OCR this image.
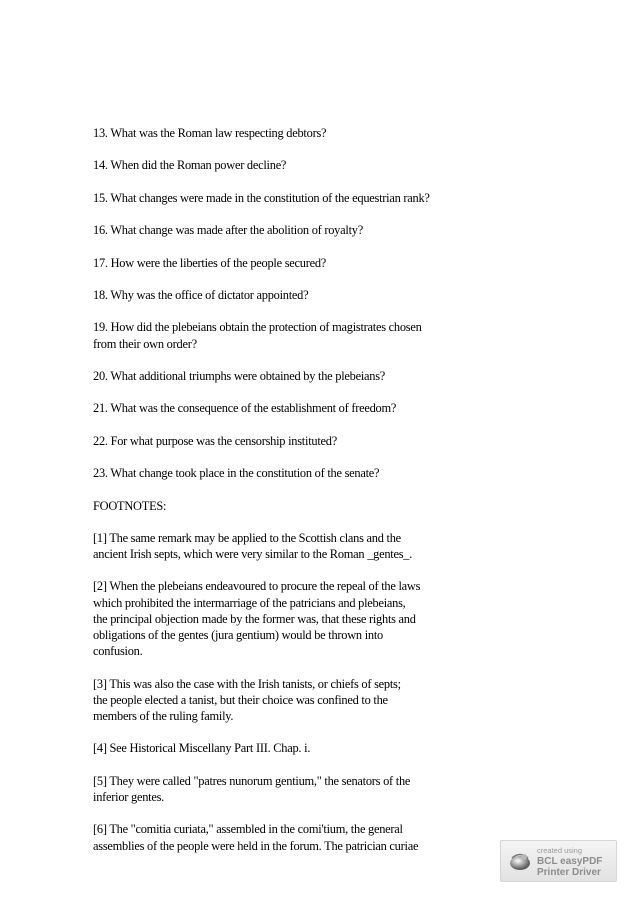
13. What was the Roman law respecting debtors?
14. When did the Roman power decline?
15. What changes were made in the constitution of the equestrian rank?
16. What change was made after the abolition of royalty?
17. How were the liberties of the people secured?
18. Why was the office of dictator appointed?
19. How did the plebeians obtain the protection of magistrates chosen
from their own order?
20. What additional triumphs were obtained by the plebeians?
21. What was the consequence of the establishment of freedom?
22. For what purpose was the censorship instituted?
23. What change took place in the constitution of the senate?
FOOTNOTES:
[1] The same remark may be applied to the Scottish clans and the
ancient Irish septs, which were very similar to the Roman _gentes_.
[2] When the plebeians endeavoured to procure the repeal of the laws
which prohibited the intermarriage of the patricians and plebeians,
the principal objection made by the former was, that these rights and
obligations of the gentes (jura gentium) would be thrown into
confusion.
[3] This was also the case with the Irish tanists, or chiefs of septs;
the people elected a tanist, but their choice was confined to the
members of the ruling family.
[4] See Historical Miscellany Part III. Chap. i.
[5] They were called "patres nunorum gentium," the senators of the
inferior gentes.
[6] The "comitia curiata," assembled in the comi'tium, the general
assemblies of the people were held in the forum. The patrician curiae	created using
BCL easyPDF
Printer Driver
